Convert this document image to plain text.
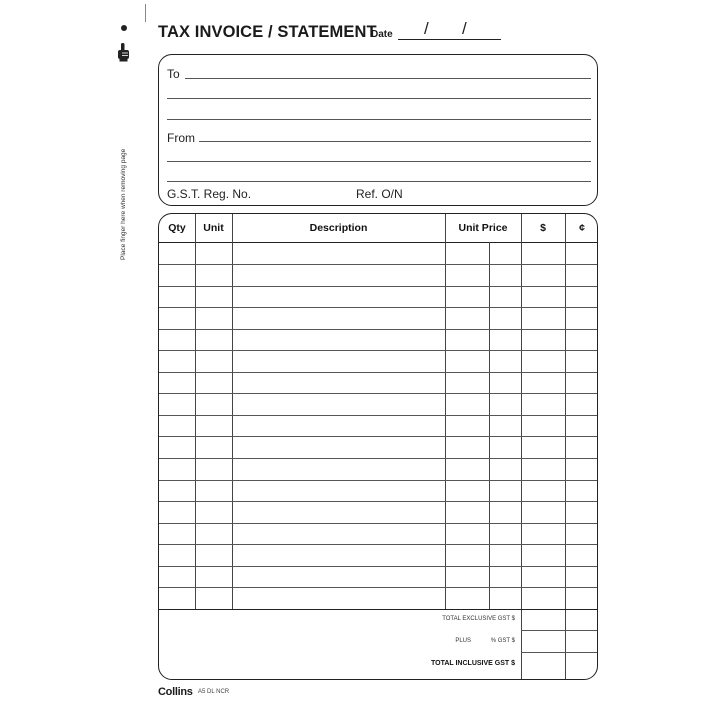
Place finger here when removing page
TAX INVOICE / STATEMENT
Date / /
To
From
G.S.T. Reg. No.	Ref. O/N
Qty	Unit	Description	Unit Price	$	¢
TOTAL EXCLUSIVE GST $
PLUS	% GST $
TOTAL INCLUSIVE GST $
Collins A5 DL NCR
